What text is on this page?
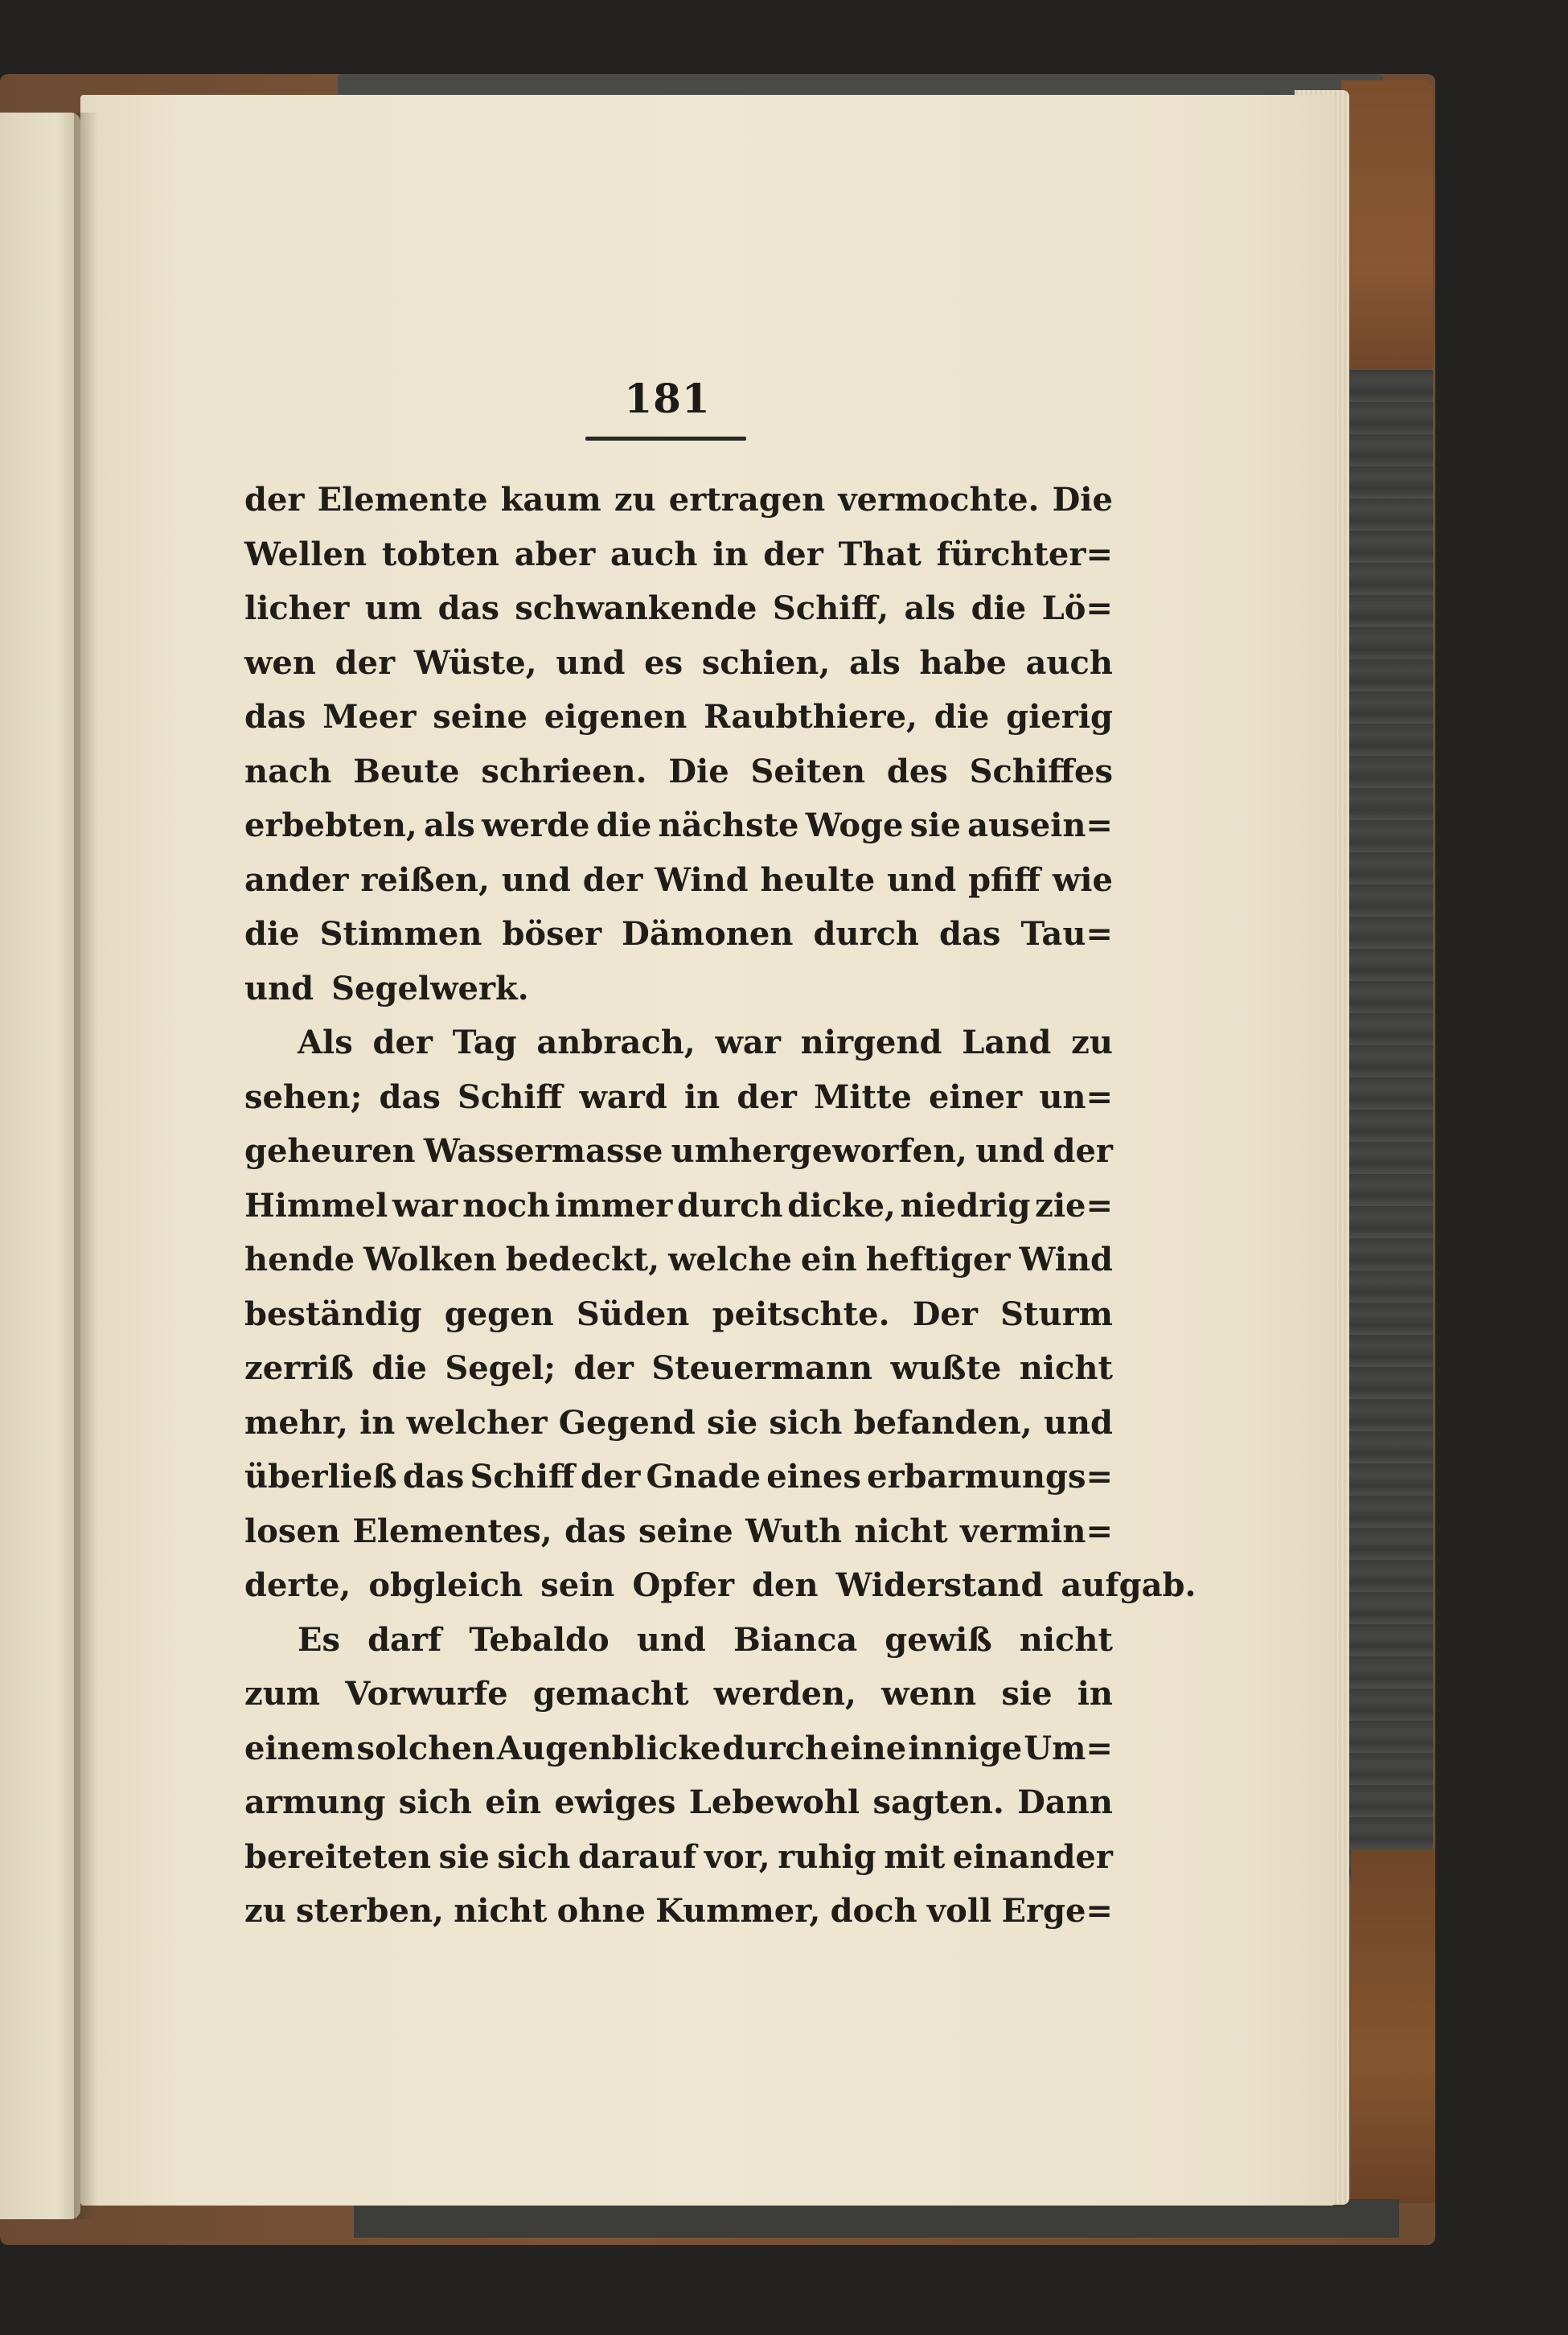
181
der Elemente kaum zu ertragen vermochte. Die
Wellen tobten aber auch in der That fürchter=
licher um das schwankende Schiff, als die Lö=
wen der Wüste, und es schien, als habe auch
das Meer seine eigenen Raubthiere, die gierig
nach Beute schrieen. Die Seiten des Schiffes
erbebten, als werde die nächste Woge sie ausein=
ander reißen, und der Wind heulte und pfiff wie
die Stimmen böser Dämonen durch das Tau=
und Segelwerk.
Als der Tag anbrach, war nirgend Land zu
sehen; das Schiff ward in der Mitte einer un=
geheuren Wassermasse umhergeworfen, und der
Himmel war noch immer durch dicke, niedrig zie=
hende Wolken bedeckt, welche ein heftiger Wind
beständig gegen Süden peitschte. Der Sturm
zerriß die Segel; der Steuermann wußte nicht
mehr, in welcher Gegend sie sich befanden, und
überließ das Schiff der Gnade eines erbarmungs=
losen Elementes, das seine Wuth nicht vermin=
derte, obgleich sein Opfer den Widerstand aufgab.
Es darf Tebaldo und Bianca gewiß nicht
zum Vorwurfe gemacht werden, wenn sie in
einem solchen Augenblicke durch eine innige Um=
armung sich ein ewiges Lebewohl sagten. Dann
bereiteten sie sich darauf vor, ruhig mit einander
zu sterben, nicht ohne Kummer, doch voll Erge=
